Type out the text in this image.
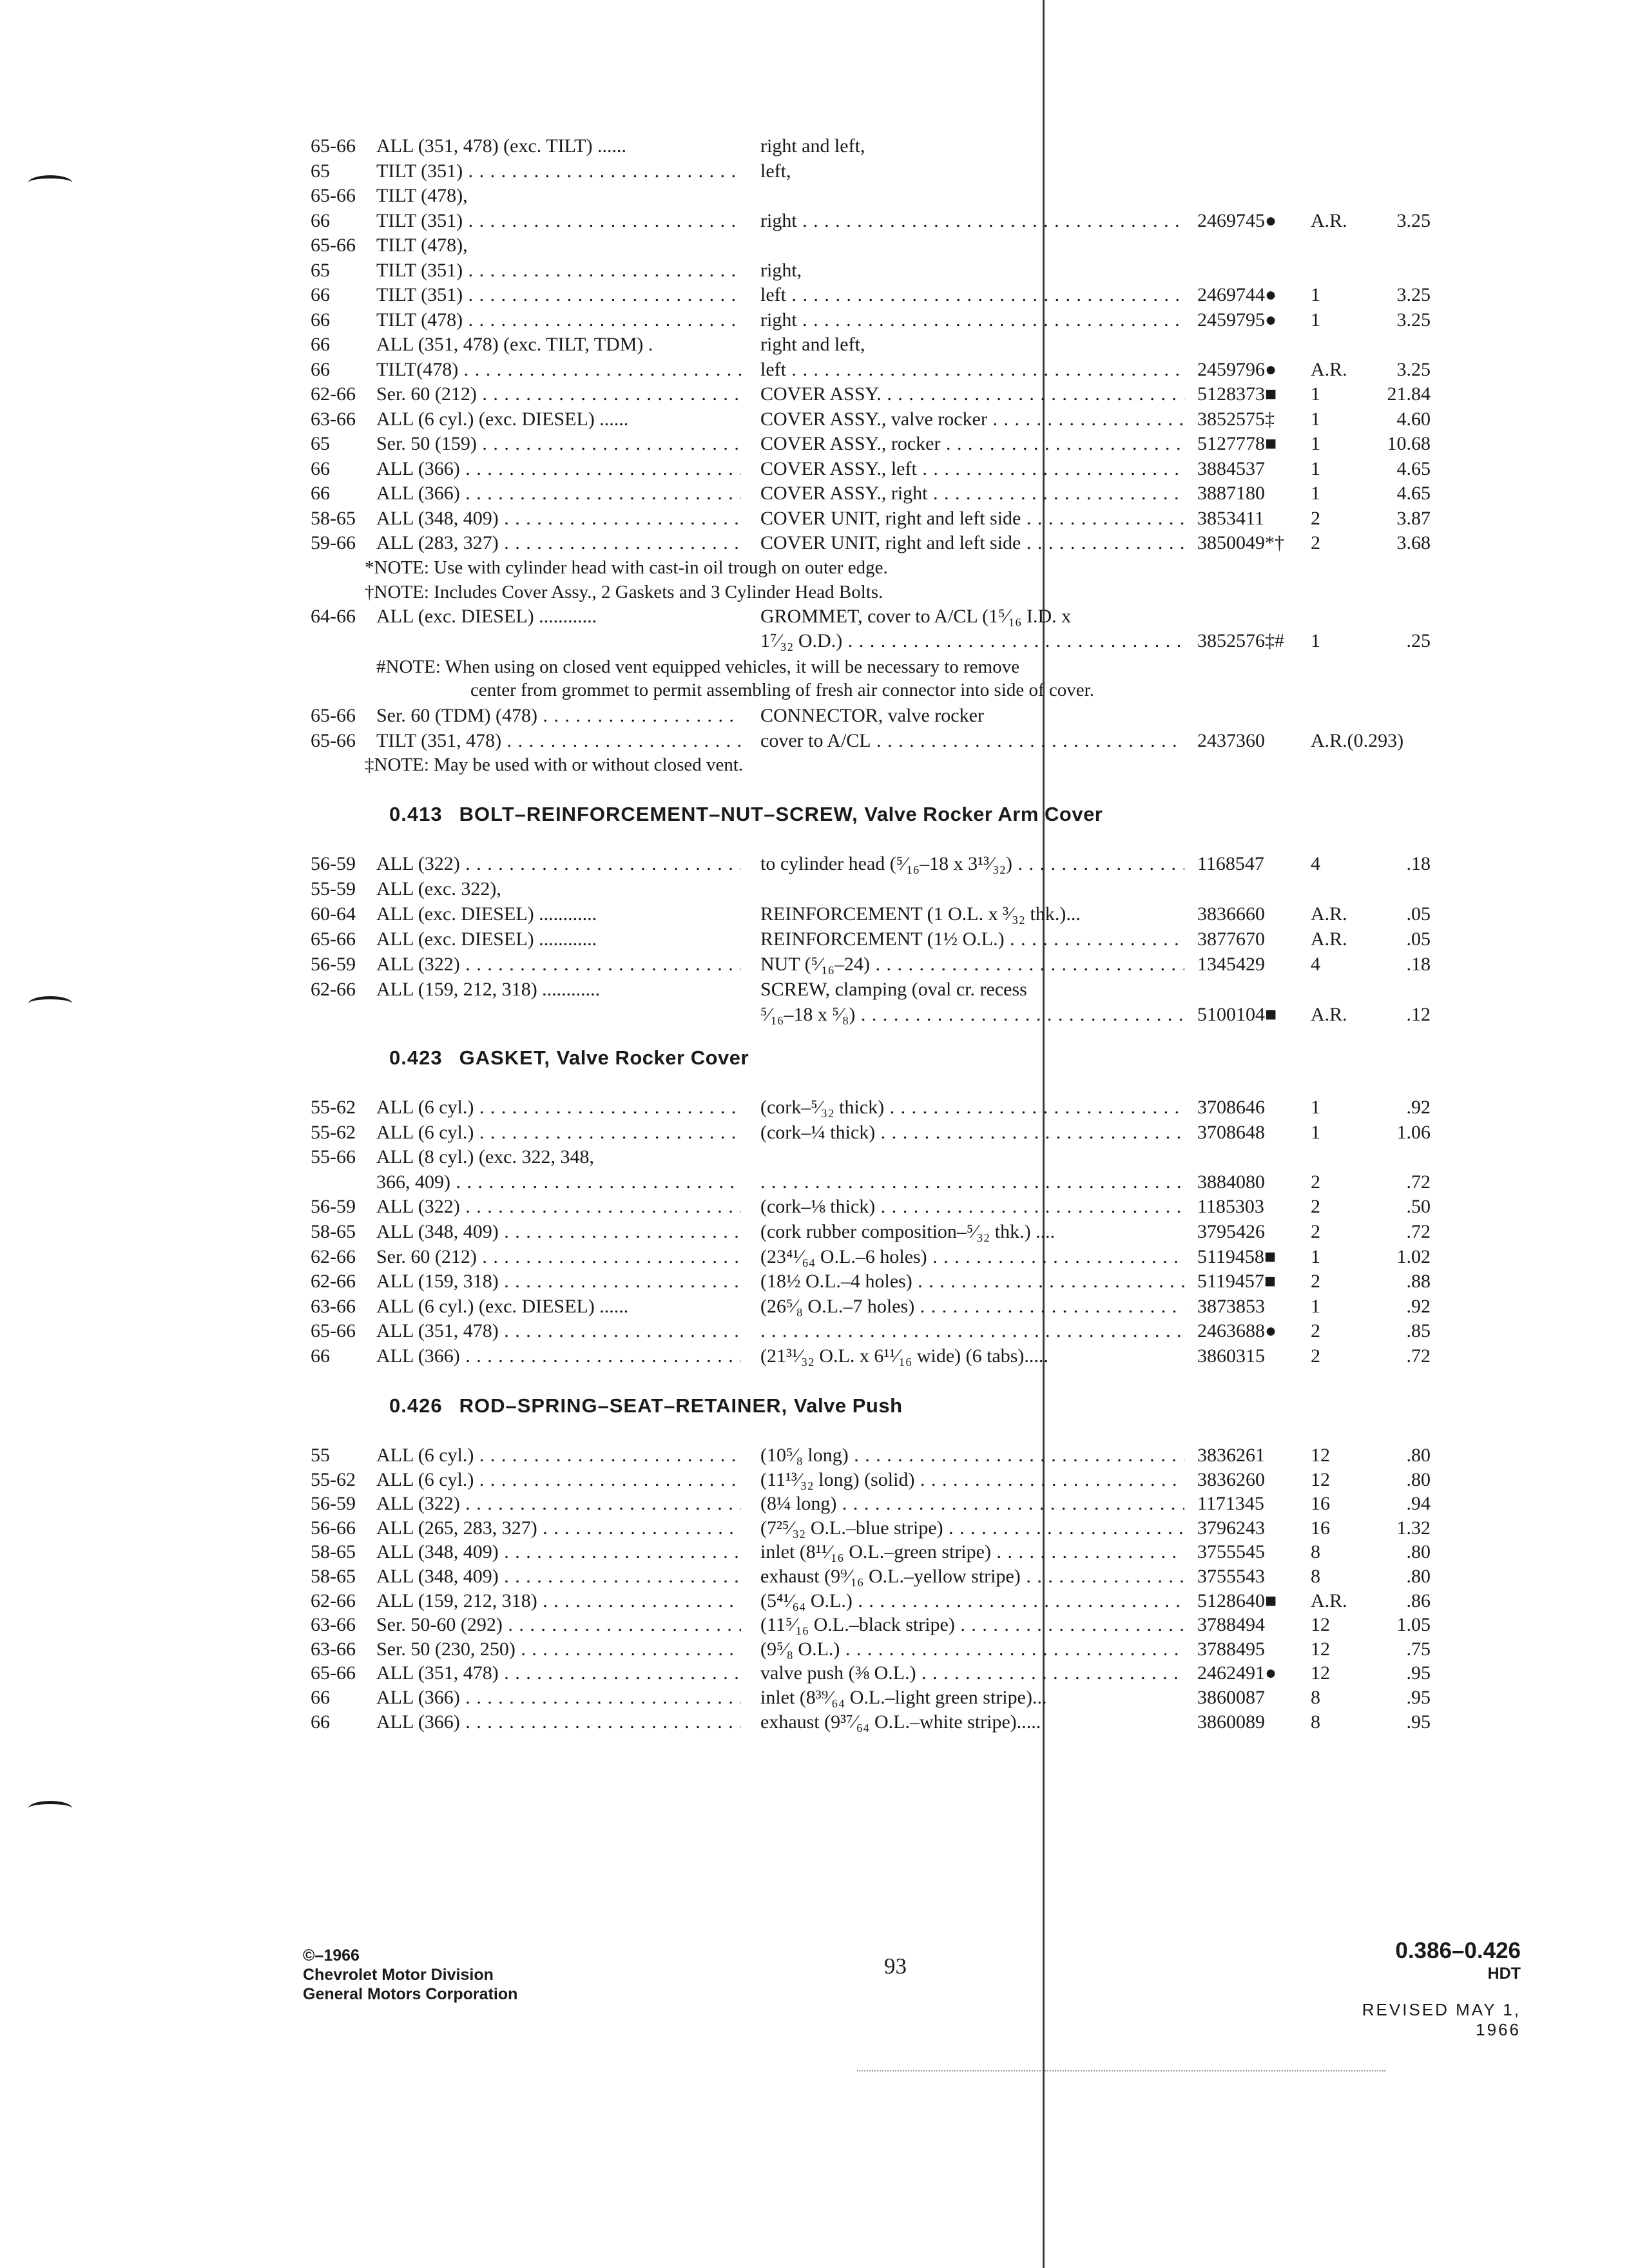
65-66 ALL (351, 478) (exc. TILT) ......	right and left,
65 TILT (351) . . .	left,
65-66 TILT (478),
66 TILT (351) . . .	right . . .	2469745● A.R.	3.25
65-66 TILT (478),
65 TILT (351) . . .	right,
66 TILT (351) . . .	left . . .	2469744● 1	3.25
66 TILT (478) . . .	right . . .	2459795● 1	3.25
66 ALL (351, 478) (exc. TILT, TDM) .	right and left,
66 TILT(478) . . .	left . . .	2459796● A.R.	3.25
62-66 Ser. 60 (212) . . .	COVER ASSY. . . .	5128373■ 1	21.84
63-66 ALL (6 cyl.) (exc. DIESEL) ......	COVER ASSY., valve rocker . . .	3852575‡ 1	4.60
65 Ser. 50 (159) . . .	COVER ASSY., rocker . . .	5127778■ 1	10.68
66 ALL (366) . . .	COVER ASSY., left . . .	3884537 1	4.65
66 ALL (366) . . .	COVER ASSY., right . . .	3887180 1	4.65
58-65 ALL (348, 409) . . .	COVER UNIT, right and left side . . .	3853411 2	3.87
59-66 ALL (283, 327) . . .	COVER UNIT, right and left side . . .	3850049*† 2	3.68
*NOTE: Use with cylinder head with cast-in oil trough on outer edge.
†NOTE: Includes Cover Assy., 2 Gaskets and 3 Cylinder Head Bolts.
64-66 ALL (exc. DIESEL) ............	GROMMET, cover to A/CL (1⁵⁄₁₆ I.D. x
1⁷⁄₃₂ O.D.) . . .	3852576‡# 1	.25
#NOTE: When using on closed vent equipped vehicles, it will be necessary to remove
center from grommet to permit assembling of fresh air connector into side of cover.
65-66 Ser. 60 (TDM) (478) . . .	CONNECTOR, valve rocker
65-66 TILT (351, 478) . . .	cover to A/CL . . .	2437360 A.R.(0.293)
‡NOTE: May be used with or without closed vent.
0.413 BOLT–REINFORCEMENT–NUT–SCREW, Valve Rocker Arm Cover
56-59 ALL (322) . . .	to cylinder head (⁵⁄₁₆–18 x 3¹³⁄₃₂) . . .	1168547 4	.18
55-59 ALL (exc. 322),
60-64 ALL (exc. DIESEL) ............	REINFORCEMENT (1 O.L. x ³⁄₃₂ thk.)...	3836660 A.R.	.05
65-66 ALL (exc. DIESEL) ............	REINFORCEMENT (1½ O.L.) . . .	3877670 A.R.	.05
56-59 ALL (322) . . .	NUT (⁵⁄₁₆–24) . . .	1345429 4	.18
62-66 ALL (159, 212, 318) ............	SCREW, clamping (oval cr. recess
⁵⁄₁₆–18 x ⁵⁄₈) . . .	5100104■ A.R.	.12
0.423 GASKET, Valve Rocker Cover
55-62 ALL (6 cyl.) . . .	(cork–⁵⁄₃₂ thick) . . .	3708646 1	.92
55-62 ALL (6 cyl.) . . .	(cork–¼ thick) . . .	3708648 1	1.06
55-66 ALL (8 cyl.) (exc. 322, 348,
366, 409) . . . . . .	3884080 2	.72
56-59 ALL (322) . . .	(cork–⅛ thick) . . .	1185303 2	.50
58-65 ALL (348, 409) . . .	(cork rubber composition–⁵⁄₃₂ thk.) ....	3795426 2	.72
62-66 Ser. 60 (212) . . .	(23⁴¹⁄₆₄ O.L.–6 holes) . . .	5119458■ 1	1.02
62-66 ALL (159, 318) . . .	(18½ O.L.–4 holes) . . .	5119457■ 2	.88
63-66 ALL (6 cyl.) (exc. DIESEL) ......	(26⁵⁄₈ O.L.–7 holes) . . .	3873853 1	.92
65-66 ALL (351, 478) . . . . . .	2463688● 2	.85
66 ALL (366) . . .	(21³¹⁄₃₂ O.L. x 6¹¹⁄₁₆ wide) (6 tabs).....	3860315 2	.72
0.426 ROD–SPRING–SEAT–RETAINER, Valve Push
55 ALL (6 cyl.) . . .	(10⁵⁄₈ long) . . .	3836261 12	.80
55-62 ALL (6 cyl.) . . .	(11¹³⁄₃₂ long) (solid) . . .	3836260 12	.80
56-59 ALL (322) . . .	(8¼ long) . . .	1171345 16	.94
56-66 ALL (265, 283, 327) . . .	(7²⁵⁄₃₂ O.L.–blue stripe) . . .	3796243 16	1.32
58-65 ALL (348, 409) . . .	inlet (8¹¹⁄₁₆ O.L.–green stripe) . . .	3755545 8	.80
58-65 ALL (348, 409) . . .	exhaust (9⁹⁄₁₆ O.L.–yellow stripe) . . .	3755543 8	.80
62-66 ALL (159, 212, 318) . . .	(5⁴¹⁄₆₄ O.L.) . . .	5128640■ A.R.	.86
63-66 Ser. 50-60 (292) . . .	(11⁵⁄₁₆ O.L.–black stripe) . . .	3788494 12	1.05
63-66 Ser. 50 (230, 250) . . .	(9⁵⁄₈ O.L.) . . .	3788495 12	.75
65-66 ALL (351, 478) . . .	valve push (⅜ O.L.) . . .	2462491● 12	.95
66 ALL (366) . . .	inlet (8³⁹⁄₆₄ O.L.–light green stripe)...	3860087 8	.95
66 ALL (366) . . .	exhaust (9³⁷⁄₆₄ O.L.–white stripe).....	3860089 8	.95
©–1966
Chevrolet Motor Division
General Motors Corporation
93
0.386–0.426
HDT
REVISED MAY 1, 1966
